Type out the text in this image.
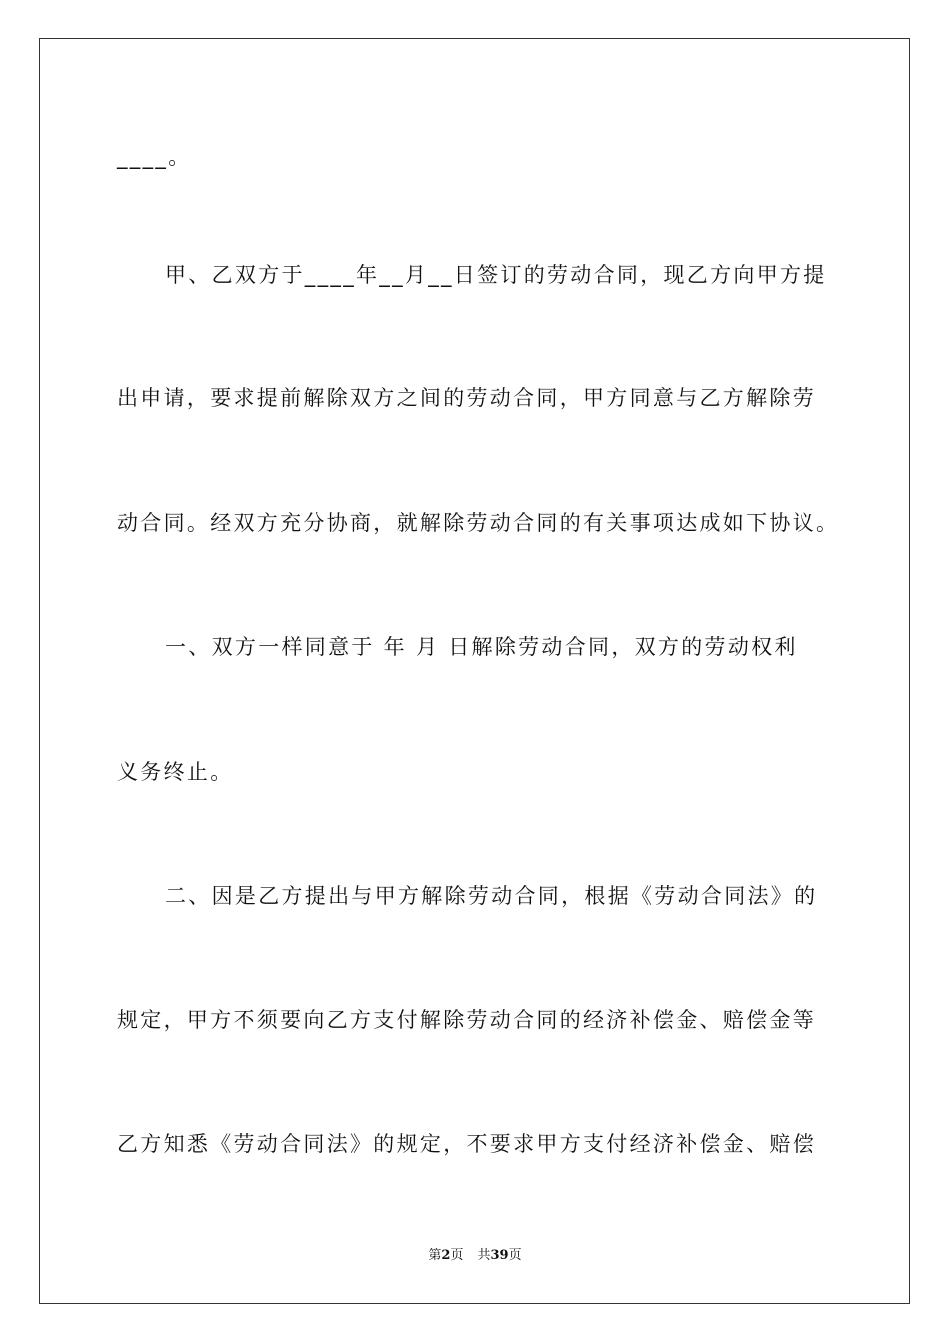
____。
甲、乙双方于____年__月__日签订的劳动合同，现乙方向甲方提
出申请，要求提前解除双方之间的劳动合同，甲方同意与乙方解除劳
动合同。经双方充分协商，就解除劳动合同的有关事项达成如下协议。
一、双方一样同意于 年 月 日解除劳动合同，双方的劳动权利
义务终止。
二、因是乙方提出与甲方解除劳动合同，根据《劳动合同法》的
规定，甲方不须要向乙方支付解除劳动合同的经济补偿金、赔偿金等
乙方知悉《劳动合同法》的规定，不要求甲方支付经济补偿金、赔偿
第2页 共39页
